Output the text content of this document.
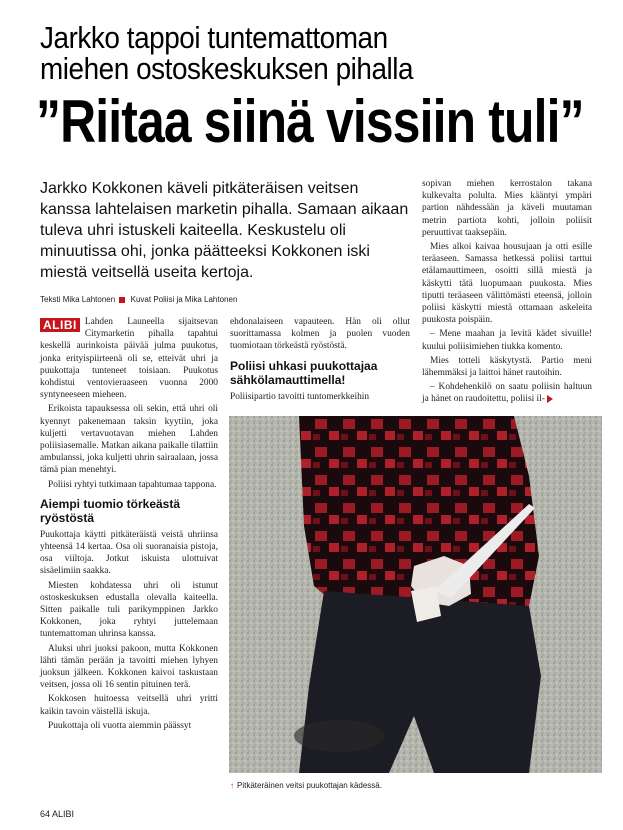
Jarkko tappoi tuntemattoman
miehen ostoskeskuksen pihalla
”Riitaa siinä vissiin tuli”
Jarkko Kokkonen käveli pitkäteräisen veitsen kanssa lahtelaisen marketin pihalla. Samaan aikaan tuleva uhri istuskeli kaiteella. Keskustelu oli minuutissa ohi, jonka päätteeksi Kokkonen iski miestä veitsellä useita kertoja.
Teksti Mika Lahtonen Kuvat Poliisi ja Mika Lahtonen

ALIBI Lahden Launeella sijaitsevan Citymarketin pihalla tapahtui keskellä aurinkoista päivää julma puukotus, jonka erityispiirteenä oli se, etteivät uhri ja puukottaja tunteneet toisiaan. Puukotus kohdistui ventovieraaseen vuonna 2000 syntyneeseen mieheen.

Erikoista tapauksessa oli sekin, että uhri oli kyennyt pakenemaan taksin kyytiin, joka kuljetti vertavuotavan miehen Lahden poliisiasemalle. Matkan aikana paikalle tilattiin ambulanssi, joka kuljetti uhrin sairaalaan, jossa tämä pian menehtyi.

Poliisi ryhtyi tutkimaan tapahtumaa tappona.

Aiempi tuomio törkeästä ryöstöstä

Puukottaja käytti pitkäteräistä veistä uhriinsa yhteensä 14 kertaa. Osa oli suoranaisia pistoja, osa viiltoja. Jotkut iskuista ulottuivat sisäelimiin saakka.

Miesten kohdatessa uhri oli istunut ostoskeskuksen edustalla olevalla kaiteella. Sitten paikalle tuli parikymppinen Jarkko Kokkonen, joka ryhtyi juttelemaan tuntemattoman uhrinsa kanssa.

Aluksi uhri juoksi pakoon, mutta Kokkonen lähti tämän perään ja tavoitti miehen lyhyen juoksun jälkeen. Kokkonen kaivoi taskustaan veitsen, jossa oli 16 sentin pituinen terä.

Kokkosen huitoessa veitsellä uhri yritti kaikin tavoin väistellä iskuja.

Puukottaja oli vuotta aiemmin päässyt

ehdonalaiseen vapauteen. Hän oli ollut suorittamassa kolmen ja puolen vuoden tuomiotaan törkeästä ryöstöstä.

Poliisi uhkasi puukottajaa sähkölamauttimella!

Poliisipartio tavoitti tuntomerkkeihin

sopivan miehen kerrostalon takana kulkevalta polulta. Mies kääntyi ympäri partion nähdessään ja käveli muutaman metrin partiota kohti, jolloin poliisit peruuttivat taaksepäin.

Mies alkoi kaivaa housujaan ja otti esille teräaseen. Samassa hetkessä poliisi tarttui etälamauttimeen, osoitti sillä miestä ja käskytti tätä luopumaan puukosta. Mies tiputti teräaseen välittömästi eteensä, jolloin poliisi käskytti miestä ottamaan askeleita puukosta poispäin.

– Mene maahan ja levitä kädet sivuille! kuului poliisimiehen tiukka komento.

Mies totteli käskytystä. Partio meni lähemmäksi ja laittoi hänet rautoihin.

– Kohdehenkilö on saatu poliisin haltuun ja hänet on raudoitettu, poliisi il-

↑ Pitkäteräinen veitsi puukottajan kädessä.
64 ALIBI
